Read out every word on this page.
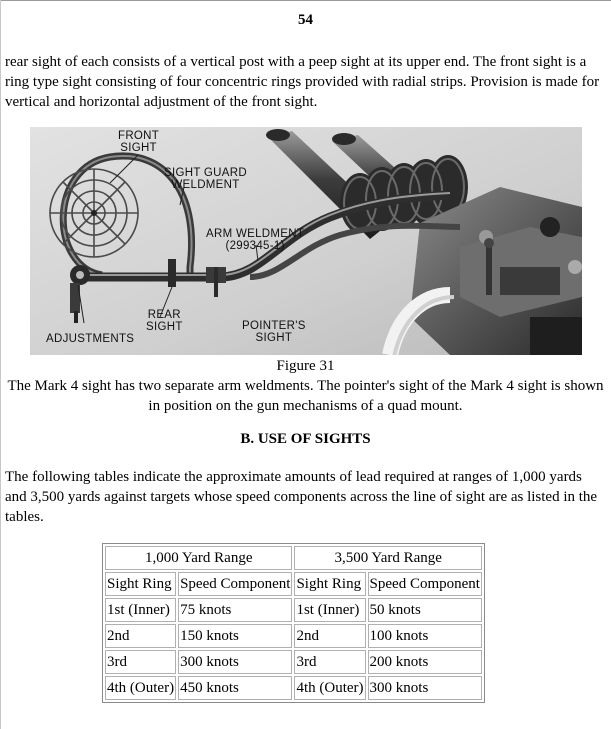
54

rear sight of each consists of a vertical post with a peep sight at its upper end. The front sight is a ring type sight consisting of four concentric rings provided with radial strips. Provision is made for vertical and horizontal adjustment of the front sight.

FRONT
SIGHT
SIGHT GUARD
WELDMENT
ARM WELDMENT
(299345-1)
REAR
SIGHT	POINTER'S
SIGHT
ADJUSTMENTS
Figure 31

The Mark 4 sight has two separate arm weldments. The pointer's sight of the Mark 4 sight is shown in position on the gun mechanisms of a quad mount.

B. USE OF SIGHTS

The following tables indicate the approximate amounts of lead required at ranges of 1,000 yards and 3,500 yards against targets whose speed components across the line of sight are as listed in the tables.

1,000 Yard Range		3,500 Yard Range	
Sight Ring	Speed Component	Sight Ring	Speed Component
1st (Inner)	75 knots	1st (Inner)	50 knots
2nd	150 knots	2nd	100 knots
3rd	300 knots	3rd	200 knots
4th (Outer)	450 knots	4th (Outer)	300 knots
